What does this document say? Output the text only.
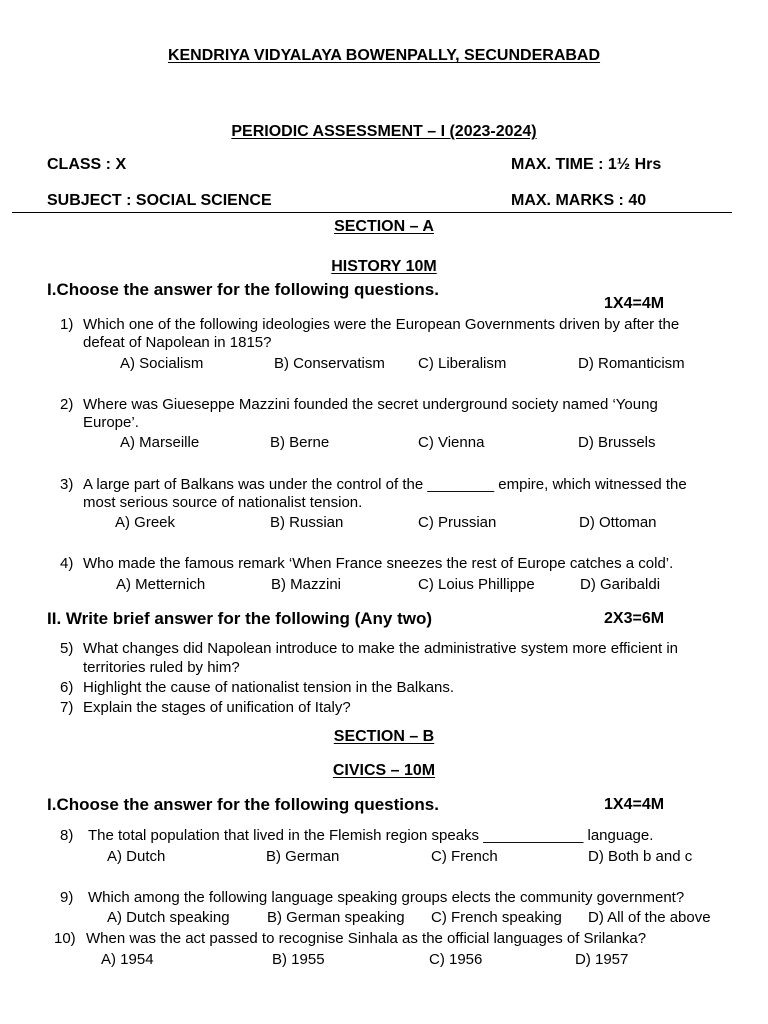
KENDRIYA VIDYALAYA BOWENPALLY, SECUNDERABAD
PERIODIC ASSESSMENT – I (2023-2024)
CLASS : X	MAX. TIME : 1½ Hrs
SUBJECT : SOCIAL SCIENCE	MAX. MARKS : 40
SECTION – A
HISTORY 10M
I.Choose the answer for the following questions.
1X4=4M
1) Which one of the following ideologies were the European Governments driven by after the
defeat of Napolean in 1815?
A) Socialism	B) Conservatism C) Liberalism	D) Romanticism
2) Where was Giueseppe Mazzini founded the secret underground society named ‘Young
Europe’.
A) Marseille	B) Berne	C) Vienna	D) Brussels
3) A large part of Balkans was under the control of the ________ empire, which witnessed the
most serious source of nationalist tension.
A) Greek	B) Russian	C) Prussian	D) Ottoman
4) Who made the famous remark ‘When France sneezes the rest of Europe catches a cold’.
A) Metternich	B) Mazzini	C) Loius Phillippe	D) Garibaldi
II. Write brief answer for the following (Any two)	2X3=6M
5) What changes did Napolean introduce to make the administrative system more efficient in
territories ruled by him?
6) Highlight the cause of nationalist tension in the Balkans.
7) Explain the stages of unification of Italy?
SECTION – B
CIVICS – 10M
I.Choose the answer for the following questions.	1X4=4M
8) The total population that lived in the Flemish region speaks ____________ language.
A) Dutch	B) German	C) French	D) Both b and c
9) Which among the following language speaking groups elects the community government?
A) Dutch speaking B) German speaking C) French speaking D) All of the above
10) When was the act passed to recognise Sinhala as the official languages of Srilanka?
A) 1954	B) 1955	C) 1956	D) 1957
